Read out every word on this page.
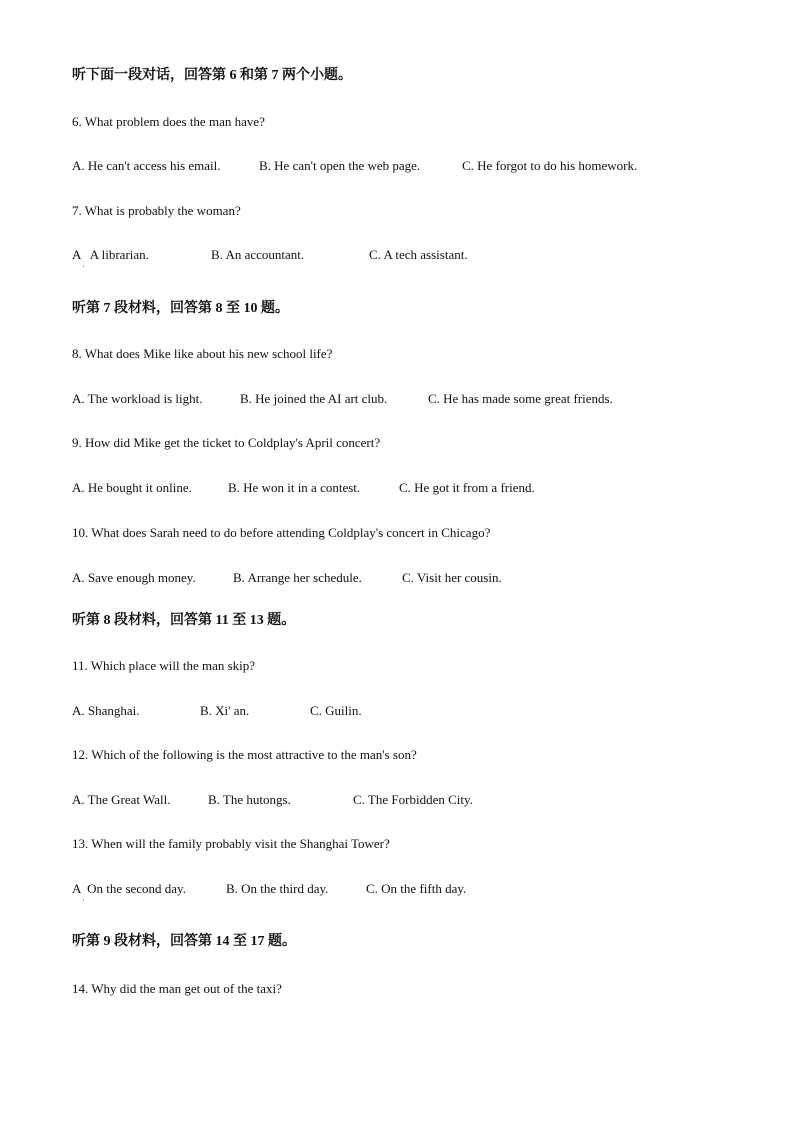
听下面一段对话，回答第 6 和第 7 两个小题。
6. What problem does the man have?
A. He can't access his email.	B. He can't open the web page.	C. He forgot to do his homework.
7. What is probably the woman?
A   A librarian.
·
B. An accountant.	C. A tech assistant.
听第 7 段材料，回答第 8 至 10 题。
8. What does Mike like about his new school life?
A. The workload is light.	B. He joined the AI art club.	C. He has made some great friends.
9. How did Mike get the ticket to Coldplay's April concert?
A. He bought it online.	B. He won it in a contest.	C. He got it from a friend.
10. What does Sarah need to do before attending Coldplay's concert in Chicago?
A. Save enough money.	B. Arrange her schedule.	C. Visit her cousin.
听第 8 段材料，回答第 11 至 13 题。
11. Which place will the man skip?
A. Shanghai.	B. Xi' an.	C. Guilin.
12. Which of the following is the most attractive to the man's son?
A. The Great Wall.	B. The hutongs.	C. The Forbidden City.
13. When will the family probably visit the Shanghai Tower?
A  On the second day.
·
B. On the third day.	C. On the fifth day.
听第 9 段材料，回答第 14 至 17 题。
14. Why did the man get out of the taxi?
